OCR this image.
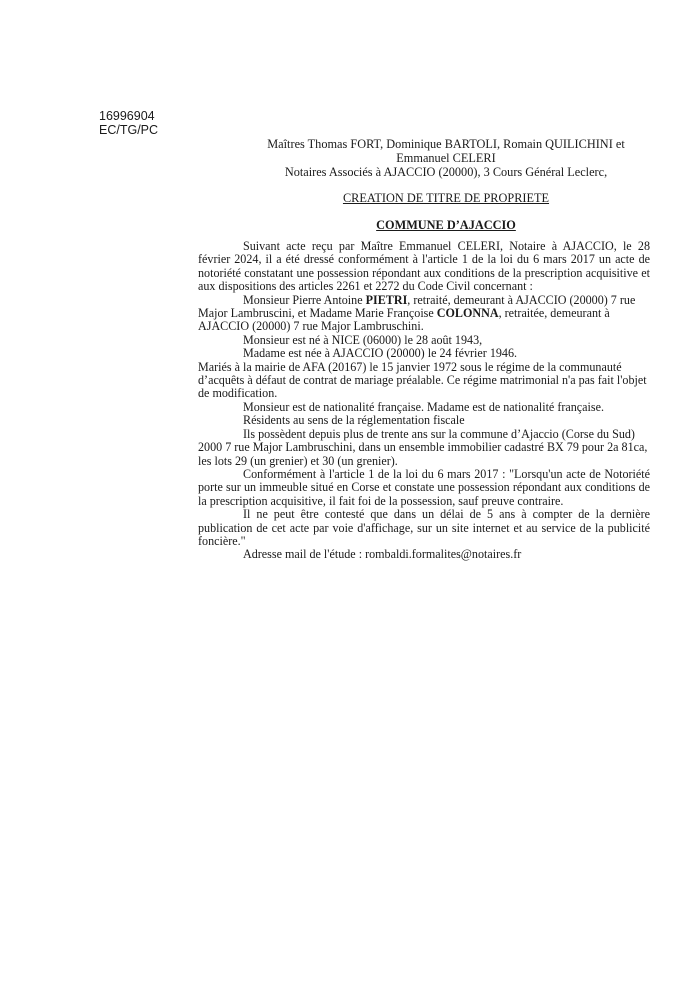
16996904
EC/TG/PC
Maîtres Thomas FORT, Dominique BARTOLI, Romain QUILICHINI et
Emmanuel CELERI
Notaires Associés à AJACCIO (20000), 3 Cours Général Leclerc,
CREATION DE TITRE DE PROPRIETE
COMMUNE D’AJACCIO

Suivant acte reçu par Maître Emmanuel CELERI, Notaire à AJACCIO, le 28 février 2024, il a été dressé conformément à l'article 1 de la loi du 6 mars 2017 un acte de notoriété constatant une possession répondant aux conditions de la prescription acquisitive et aux dispositions des articles 2261 et 2272 du Code Civil concernant :

Monsieur Pierre Antoine PIETRI, retraité, demeurant à AJACCIO (20000) 7 rue Major Lambruscini, et Madame Marie Françoise COLONNA, retraitée, demeurant à AJACCIO (20000) 7 rue Major Lambruschini.

Monsieur est né à NICE (06000) le 28 août 1943,

Madame est née à AJACCIO (20000) le 24 février 1946.

Mariés à la mairie de AFA (20167) le 15 janvier 1972 sous le régime de la communauté d’acquêts à défaut de contrat de mariage préalable. Ce régime matrimonial n'a pas fait l'objet de modification.

Monsieur est de nationalité française. Madame est de nationalité française.

Résidents au sens de la réglementation fiscale

Ils possèdent depuis plus de trente ans sur la commune d’Ajaccio (Corse du Sud) 2000 7 rue Major Lambruschini, dans un ensemble immobilier cadastré BX 79 pour 2a 81ca, les lots 29 (un grenier) et 30 (un grenier).

Conformément à l'article 1 de la loi du 6 mars 2017 : "Lorsqu'un acte de Notoriété porte sur un immeuble situé en Corse et constate une possession répondant aux conditions de la prescription acquisitive, il fait foi de la possession, sauf preuve contraire.

Il ne peut être contesté que dans un délai de 5 ans à compter de la dernière publication de cet acte par voie d'affichage, sur un site internet et au service de la publicité foncière."

Adresse mail de l'étude : rombaldi.formalites@notaires.fr
